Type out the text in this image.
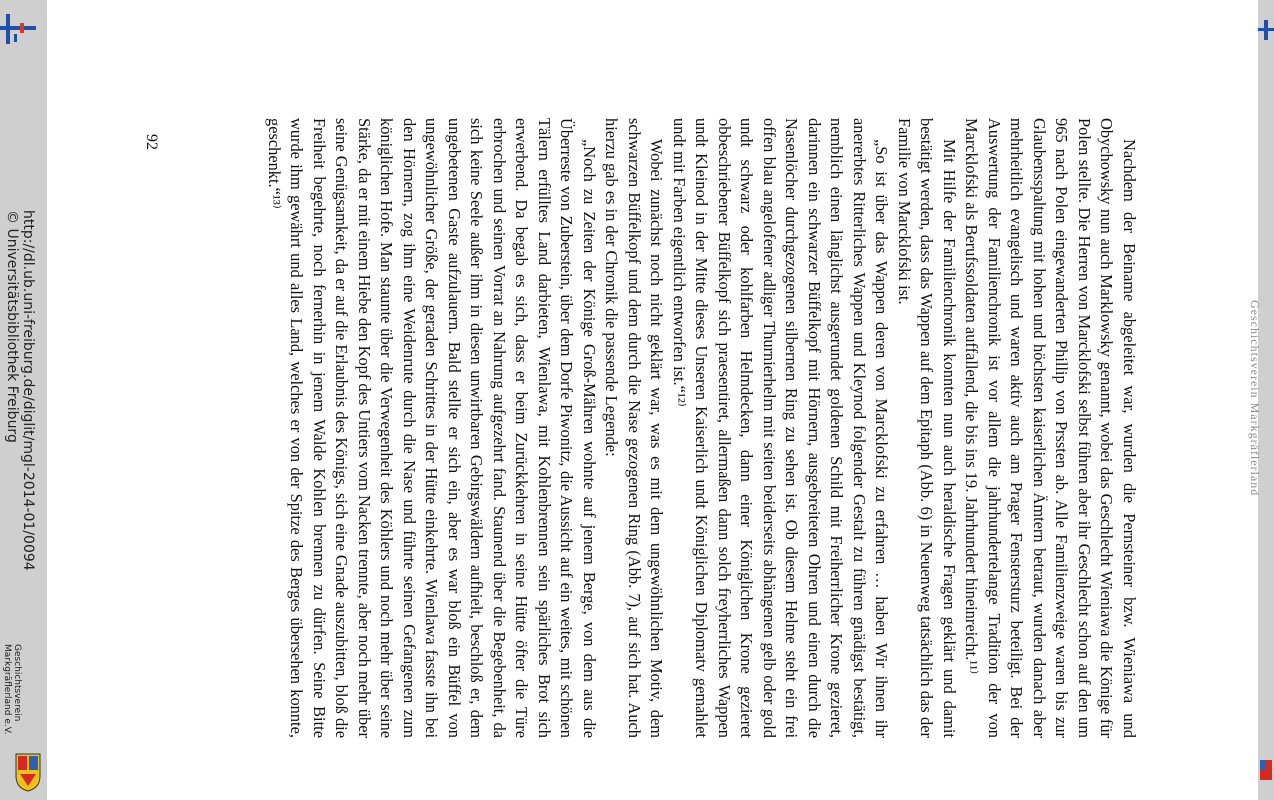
http://dl.ub.uni-freiburg.de/diglit/mgl-2014-01/0094
© Universitätsbibliothek Freiburg
Geschichtsverein
Markgräflerland e.V.
Geschichtsverein Markgräflerland

Nachdem der Beiname abgeleitet war, wurden die Pernsteiner bzw. Wieniawa und Obychowsky nun auch Marklowsky genannt, wobei das Geschlecht Wieniawa die Könige für Polen stellte. Die Herren von Marcklofski selbst führen aber ihr Geschlecht schon auf den um 965 nach Polen eingewanderten Phillip von Prssten ab. Alle Familienzweige waren bis zur Glaubensspaltung mit hohen und höchsten kaiserlichen Ämtern betraut, wurden danach aber mehrheitlich evangelisch und waren aktiv auch am Prager Fenstersturz beteiligt. Bei der Auswertung der Familienchronik ist vor allem die jahrhundertelange Tradition der von Marcklofski als Berufssoldaten auffallend, die bis ins 19. Jahrhundert hineinreicht.¹¹⁾

Mit Hilfe der Familienchronik konnten nun auch heraldische Fragen geklärt und damit bestätigt werden, dass das Wappen auf dem Epitaph (Abb. 6) in Neuenweg tatsächlich das der Familie von Marcklofski ist.

„So ist über das Wappen deren von Marcklofski zu erfahren … haben Wir ihnen ihr anererbtes Ritterliches Wappen und Kleynod folgender Gestalt zu führen gnädigst bestätigt, nemblich einen länglichst ausgerundet goldenen Schild mit Freiherrlicher Krone gezieret, darinnen ein schwarzer Büffelkopf mit Hörnern, ausgebreiteten Ohren und einen durch die Nasenlöcher durchgezogenen silbernen Ring zu sehen ist. Ob diesem Helme steht ein frei offen blau angelofener adliger Thurnierhelm mit seiten beiderseits abhängenen gelb oder gold undt schwarz oder kohlfarben Helmdecken, dann einer Königlichen Krone gezieret obbeschriebener Büffelkopf sich praesentiret, allermaßen dann solch freyherrliches Wappen undt Kleinod in der Mitte dieses Unseren Kaiserlich undt Königlichen Diplomatv gemahlet undt mit Farben eigentlich entworfen ist.“¹²⁾

Wobei zunächst noch nicht geklärt war, was es mit dem ungewöhnlichen Motiv, dem schwarzen Büffelkopf und dem durch die Nase gezogenen Ring (Abb. 7), auf sich hat. Auch hierzu gab es in der Chronik die passende Legende:

„Noch zu Zeiten der Könige Groß-Mähren wohnte auf jenem Berge, von dem aus die Überreste von Zuberstein, über dem Dorfe Piwonitz, die Aussicht auf ein weites, mit schönen Tälern erfülltes Land darbieten, Wienlawa, mit Kohlenbrennen sein spärliches Brot sich erwerbend. Da begab es sich, dass er beim Zurückkehren in seine Hütte öfter die Türe erbrochen und seinen Vorrat an Nahrung aufgezehrt fand. Staunend über die Begebenheit, da sich keine Seele außer ihm in diesen unwirtbaren Gebirgswäldern aufhielt, beschloß er, dem ungebetenen Gaste aufzulauern. Bald stellte er sich ein, aber es war bloß ein Büffel von ungewöhnlicher Größe, der geraden Schrittes in der Hütte einkehrte. Wienlawa fasste ihn bei den Hörnern, zog ihm eine Weidenrute durch die Nase und führte seinen Gefangenen zum königlichen Hofe. Man staunte über die Verwegenheit des Köhlers und noch mehr über seine Stärke, da er mit einem Hiebe den Kopf des Untiers vom Nacken trennte, aber noch mehr über seine Genügsamkeit, da er auf die Erlaubnis des Königs, sich eine Gnade auszubitten, bloß die Freiheit begehrte, noch fernerhin in jenem Walde Kohlen brennen zu dürfen. Seine Bitte wurde ihm gewährt und alles Land, welches er von der Spitze des Berges übersehen konnte, geschenkt.“¹³⁾

92
